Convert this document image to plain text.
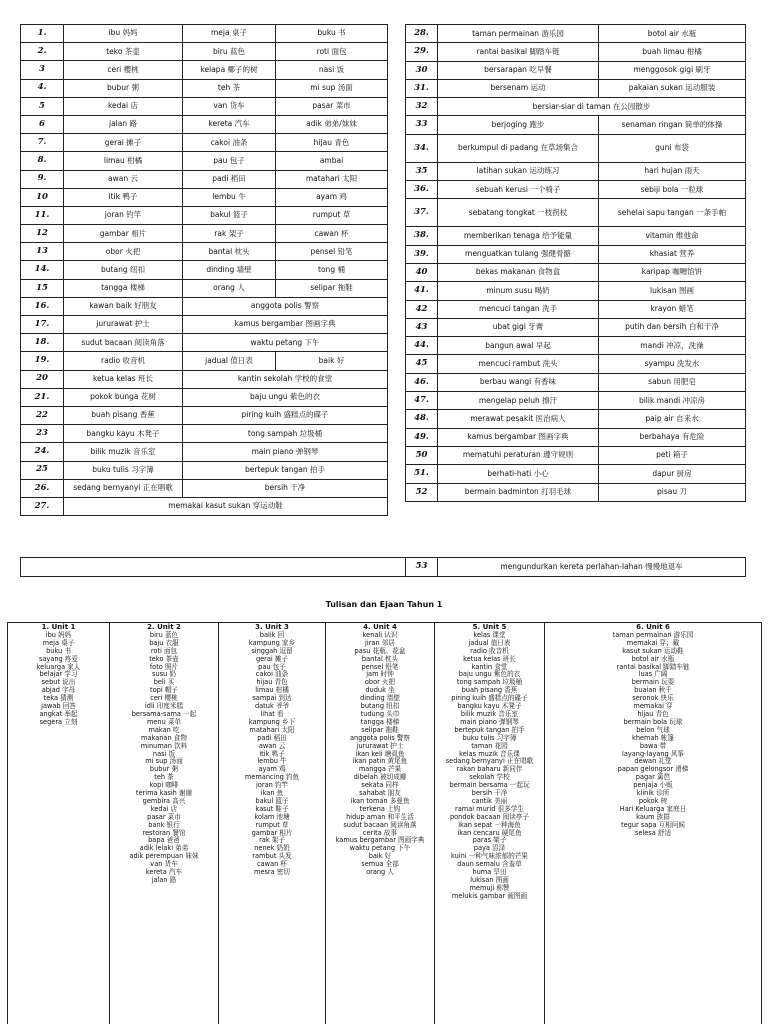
1.	ibu 妈妈	meja 桌子	buku 书
2.	teko 茶壶	biru 蓝色	roti 面包
3	ceri 樱桃	kelapa 椰子的树	nasi 饭
4.	bubur 粥	teh 茶	mi sup 汤面
5	kedai 店	van 货车	pasar 菜市
6	jalan 路	kereta 汽车	adik 弟弟/妹妹
7.	gerai 摊子	cakoi 油条	hijau 青色
8.	limau 柑橘	pau 包子	ambai
9.	awan 云	padi 稻田	matahari 太阳
10	itik 鸭子	lembu 牛	ayam 鸡
11.	joran 钓竿	bakul 篮子	rumput 草
12	gambar 相片	rak 架子	cawan 杯
13	obor 火把	bantal 枕头	pensel 铅笔
14.	butang 纽扣	dinding 墙壁	tong 桶
15	tangga 楼梯	orang 人	selipar 拖鞋
16.	kawan baik 好朋友	anggota polis 警察	
17.	jururawat 护士	kamus bergambar 图画字典	
18.	sudut bacaan 阅读角落	waktu petang 下午	
19.	radio 收音机	jadual 值日表	baik 好
20	ketua kelas 班长	kantin sekolah 学校的食堂	
21.	pokok bunga 花树	baju ungu 紫色的衣	
22	buah pisang 香蕉	piring kuih 盛糕点的碟子	
23	bangku kayu 木凳子	tong sampah 垃圾桶	
24.	bilik muzik 音乐室	main piano 弹钢琴	
25	buku tulis 习字簿	bertepuk tangan 拍手	
26.	sedang bernyanyi 正在唱歌	bersih 干净	
27.	memakai kasut sukan 穿运动鞋		
28.	taman permainan 游乐园	botol air 水瓶
29.	rantai basikal 脚踏车链	buah limau 柑橘
30	bersarapan 吃早餐	menggosok gigi 刷牙
31.	bersenam 运动	pakaian sukan 运动服装
32	bersiar-siar di taman 在公园散步	
33	berjoging 跑步	senaman ringan 简单的体操
34.	berkumpul di padang 在草场集合	guni 布袋
35	latihan sukan 运动练习	hari hujan 雨天
36.	sebuah kerusi 一个椅子	sebiji bola 一粒球
37.	sebatang tongkat 一枝拐杖	sehelai sapu tangan 一条手帕
38.	memberikan tenaga 给予能量	vitamin 维他命
39.	menguatkan tulang 强健骨骼	khasiat 营养
40	bekas makanan 食物盒	karipap 咖喱馅饼
41.	minum susu 喝奶	lukisan 图画
42	mencuci tangan 洗手	krayon 蜡笔
43	ubat gigi 牙膏	putih dan bersih 白和干净
44.	bangun awal 早起	mandi 冲凉，洗澡
45	mencuci rambut 洗头	syampu 洗发水
46.	berbau wangi 有香味	sabun 用肥皂
47.	mengelap peluh 擦汗	bilik mandi 冲凉房
48.	merawat pesakit 医治病人	paip air 自来水
49.	kamus bergambar 图画字典	berbahaya 有危险
50	mematuhi peraturan 遵守规则	peti 箱子
51.	berhati-hati 小心	dapur 厨房
52	bermain badminton 打羽毛球	pisau 刀
	53	mengundurkan kereta perlahan-lahan 慢慢地退车
Tulisan dan Ejaan Tahun 1
1. Unit 1
ibu 妈妈
meja 桌子
buku 书
sayang 疼爱
keluarga 家人
belajar 学习
sebut 说出
abjad 字母
teka 猜测
jawab 回答
angkat 举起
segera 立刻
2. Unit 2
biru 蓝色
baju 衣服
roti 面包
teko 茶壶
foto 照片
susu 奶
beli 买
topi 帽子
ceri 樱桃
idli 印度米糕
bersama-sama 一起
menu 菜单
makan 吃
makanan 食物
minuman 饮料
nasi 饭
mi sup 汤面
bubur 粥
teh 茶
kopi 咖啡
terima kasih 谢谢
gembira 高兴
kedai 店
pasar 菜市
bank 银行
restoran 餐馆
bapa 爸爸
adik lelaki 弟弟
adik perempuan 妹妹
van 货车
kereta 汽车
jalan 路
3. Unit 3
balik 回
kampung 家乡
singgah 逗留
gerai 摊子
pau 包子
cakoi 油条
hijau 青色
limau 柑橘
sampai 到达
datuk 爷爷
lihat 看
kampung 乡下
matahari 太阳
padi 稻田
awan 云
itik 鸭子
lembu 牛
ayam 鸡
memancing 钓鱼
joran 钓竿
ikan 鱼
bakul 篮子
kasut 鞋子
kolam 池塘
rumput 草
gambar 相片
rak 架子
nenek 奶奶
rambut 头发
cawan 杯
mesra 密切
4. Unit 4
kenali 认识
jiran 邻居
pasu 花瓶、花盆
bantal 枕头
pensel 铅笔
jam 时钟
obor 火把
duduk 坐
dinding 墙壁
butang 纽扣
tudung 头巾
tangga 楼梯
selipar 拖鞋
anggota polis 警察
jururawat 护士
ikan keli 塘虱鱼
ikan patin 黄尾鱼
mangga 芒果
dibelah 被切成瓣
sekata 同样
sahabat 朋友
ikan toman 多曼鱼
terkena 上钩
hidup aman 和平生活
sudut bacaan 阅读角落
cerita 故事
kamus bergambar 图画字典
waktu petang 下午
baik 好
semua 全部
orang 人
5. Unit 5
kelas 课堂
jadual 值日表
radio 收音机
ketua kelas 班长
kantin 食堂
baju ungu 紫色的衣
tong sampah 垃圾桶
buah pisang 香蕉
piring kuih 盛糕点的碟子
bangku kayu 木凳子
bilik muzik 音乐室
main piano 弹钢琴
bertepuk tangan 拍手
buku tulis 习字簿
taman 花园
kelas muzik 音乐课
sedang bernyanyi 正在唱歌
rakan baharu 新同伴
sekolah 学校
bermain bersama 一起玩
bersih 干净
cantik 美丽
ramai murid 很多学生
pondok bacaan 阅读亭子
ikan sepat 一种海鱼
ikan cencaru 硬尾鱼
paras 架子
paya 沼泽
kuini 一种气味浓郁的芒果
daun semalu 含羞草
huma 旱田
lukisan 图画
memuji 称赞
melukis gambar 画图画
6. Unit 6
taman permainan 游乐园
memakai 穿；戴
kasut sukan 运动鞋
botol air 水瓶
rantai basikal 脚踏车链
luas 广阔
bermain 玩耍
buaian 秋千
seronok 快乐
memakai 穿
hijau 青色
bermain bola 玩球
belon 气球
khemah 帐篷
bawa 带
layang-layang 风筝
dewan 礼堂
papan gelongsor 滑梯
pagar 篱笆
penjaja 小贩
klinik 诊所
pokok 树
Hari Keluarga 家庭日
kaum 族群
tegur sapa 互相问候
selesa 舒适
